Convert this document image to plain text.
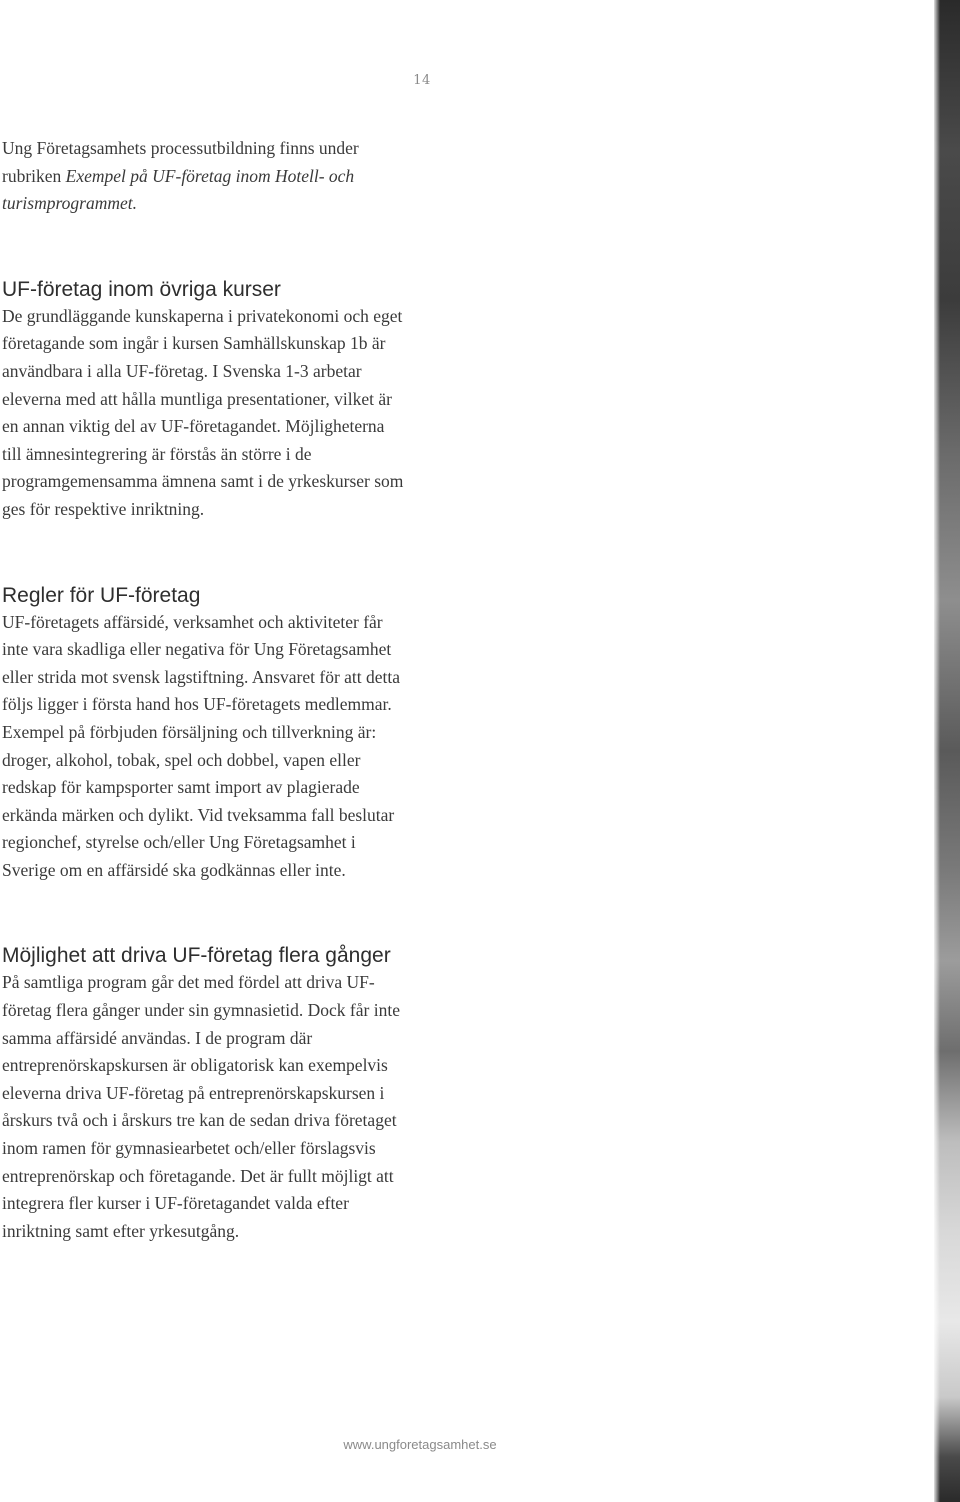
14

Ung Företagsamhets processutbildning finns under rubriken Exempel på UF-företag inom Hotell- och turismprogrammet.

UF-företag inom övriga kurser

De grundläggande kunskaperna i privatekonomi och eget företagande som ingår i kursen Samhällskunskap 1b är användbara i alla UF-företag. I Svenska 1-3 arbetar eleverna med att hålla muntliga presentationer, vilket är en annan viktig del av UF-företagandet. Möjligheterna till ämnesintegrering är förstås än större i de programgemensamma ämnena samt i de yrkeskurser som ges för respektive inriktning.

Regler för UF-företag

UF-företagets affärsidé, verksamhet och aktiviteter får inte vara skadliga eller negativa för Ung Företagsamhet eller strida mot svensk lagstiftning. Ansvaret för att detta följs ligger i första hand hos UF-företagets medlemmar. Exempel på förbjuden försäljning och tillverkning är: droger, alkohol, tobak, spel och dobbel, vapen eller redskap för kampsporter samt import av plagierade erkända märken och dylikt. Vid tveksamma fall beslutar regionchef, styrelse och/eller Ung Företagsamhet i Sverige om en affärsidé ska godkännas eller inte.

Möjlighet att driva UF-företag flera gånger

På samtliga program går det med fördel att driva UF-företag flera gånger under sin gymnasietid. Dock får inte samma affärsidé användas. I de program där entreprenörskapskursen är obligatorisk kan exempelvis eleverna driva UF-företag på entreprenörskapskursen i årskurs två och i årskurs tre kan de sedan driva företaget inom ramen för gymnasiearbetet och/eller förslagsvis entreprenörskap och företagande. Det är fullt möjligt att integrera fler kurser i UF-företagandet valda efter inriktning samt efter yrkesutgång.

www.ungforetagsamhet.se
